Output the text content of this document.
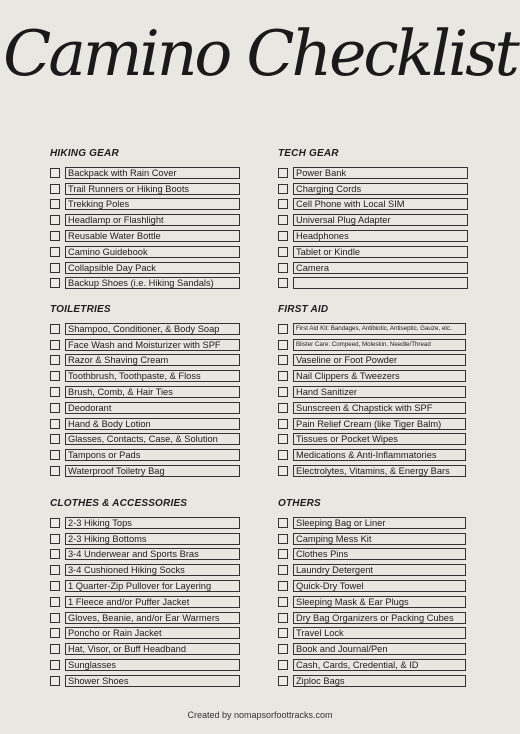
Camino Checklist
HIKING GEAR
Backpack with Rain Cover
Trail Runners or Hiking Boots
Trekking Poles
Headlamp or Flashlight
Reusable Water Bottle
Camino Guidebook
Collapsible Day Pack
Backup Shoes (i.e. Hiking Sandals)
TECH GEAR
Power Bank
Charging Cords
Cell Phone with Local SIM
Universal Plug Adapter
Headphones
Tablet or Kindle
Camera
TOILETRIES
Shampoo, Conditioner, & Body Soap
Face Wash and Moisturizer with SPF
Razor & Shaving Cream
Toothbrush, Toothpaste, & Floss
Brush, Comb, & Hair Ties
Deodorant
Hand & Body Lotion
Glasses, Contacts, Case, & Solution
Tampons or Pads
Waterproof Toiletry Bag
FIRST AID
First Aid Kit: Bandages, Antibiotic, Antiseptic, Gauze, etc.
Blister Care: Compeed, Moleskin, Needle/Thread
Vaseline or Foot Powder
Nail Clippers & Tweezers
Hand Sanitizer
Sunscreen & Chapstick with SPF
Pain Relief Cream (like Tiger Balm)
Tissues or Pocket Wipes
Medications & Anti-Inflammatories
Electrolytes, Vitamins, & Energy Bars
CLOTHES & ACCESSORIES
2-3 Hiking Tops
2-3 Hiking Bottoms
3-4 Underwear and Sports Bras
3-4 Cushioned Hiking Socks
1 Quarter-Zip Pullover for Layering
1 Fleece and/or Puffer Jacket
Gloves, Beanie, and/or Ear Warmers
Poncho or Rain Jacket
Hat, Visor, or Buff Headband
Sunglasses
Shower Shoes
OTHERS
Sleeping Bag or Liner
Camping Mess Kit
Clothes Pins
Laundry Detergent
Quick-Dry Towel
Sleeping Mask & Ear Plugs
Dry Bag Organizers or Packing Cubes
Travel Lock
Book and Journal/Pen
Cash, Cards, Credential, & ID
Ziploc Bags
Created by nomapsorfoottracks.com
